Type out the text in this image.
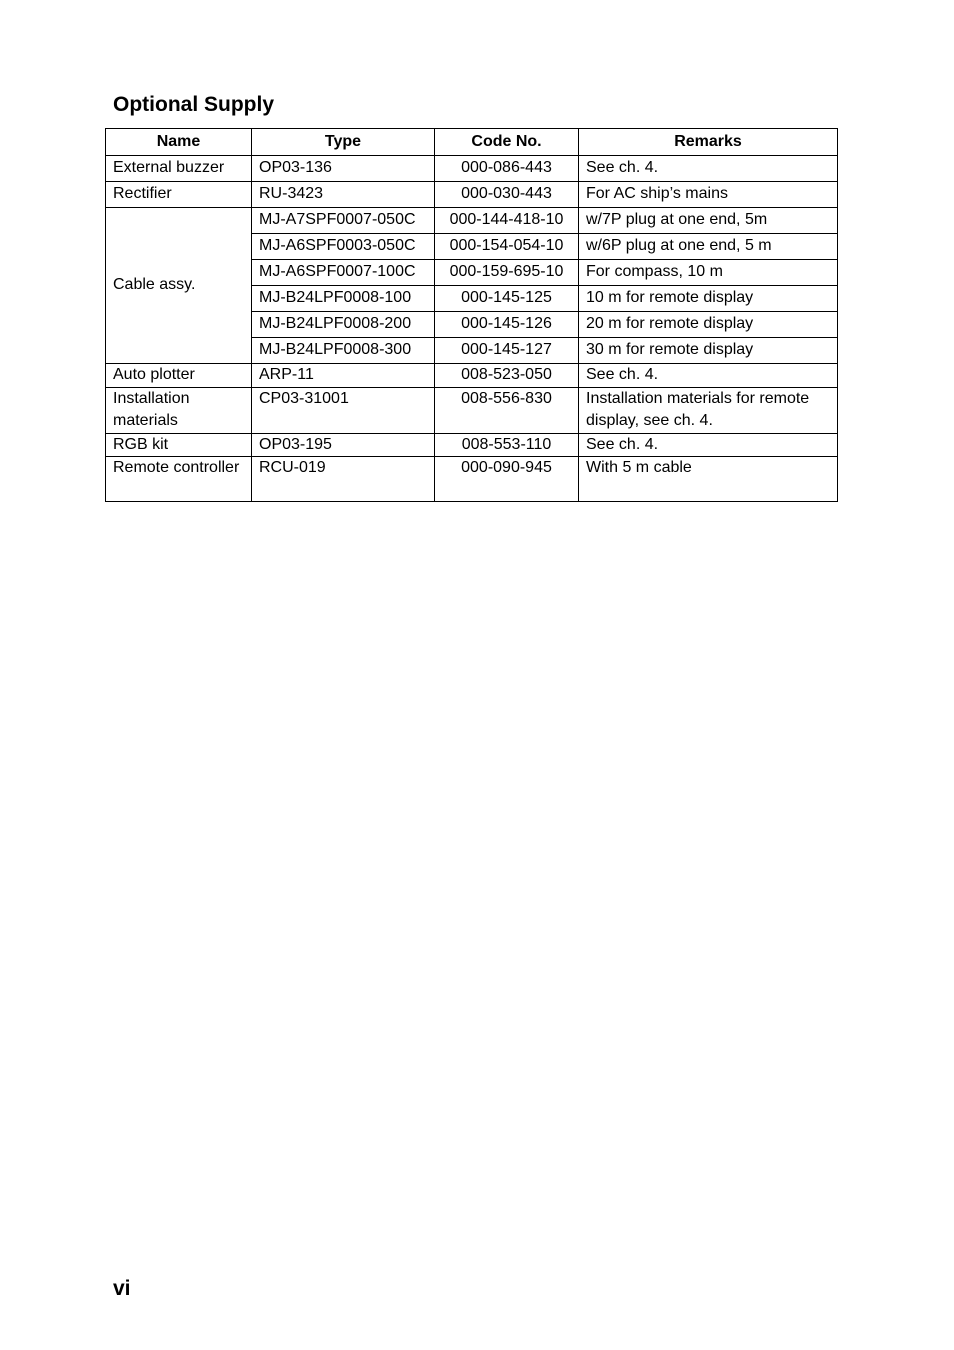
Optional Supply
Name	Type	Code No.	Remarks
External buzzer	OP03-136	000-086-443	See ch. 4.
Rectifier	RU-3423	000-030-443	For AC ship’s mains
Cable assy.	MJ-A7SPF0007-050C	000-144-418-10	w/7P plug at one end, 5m
	MJ-A6SPF0003-050C	000-154-054-10	w/6P plug at one end, 5 m
	MJ-A6SPF0007-100C	000-159-695-10	For compass, 10 m
	MJ-B24LPF0008-100	000-145-125	10 m for remote display
	MJ-B24LPF0008-200	000-145-126	20 m for remote display
	MJ-B24LPF0008-300	000-145-127	30 m for remote display
Auto plotter	ARP-11	008-523-050	See ch. 4.
Installation materials	CP03-31001	008-556-830	Installation materials for remote display, see ch. 4.
RGB kit	OP03-195	008-553-110	See ch. 4.
Remote controller	RCU-019	000-090-945	With 5 m cable
vi
